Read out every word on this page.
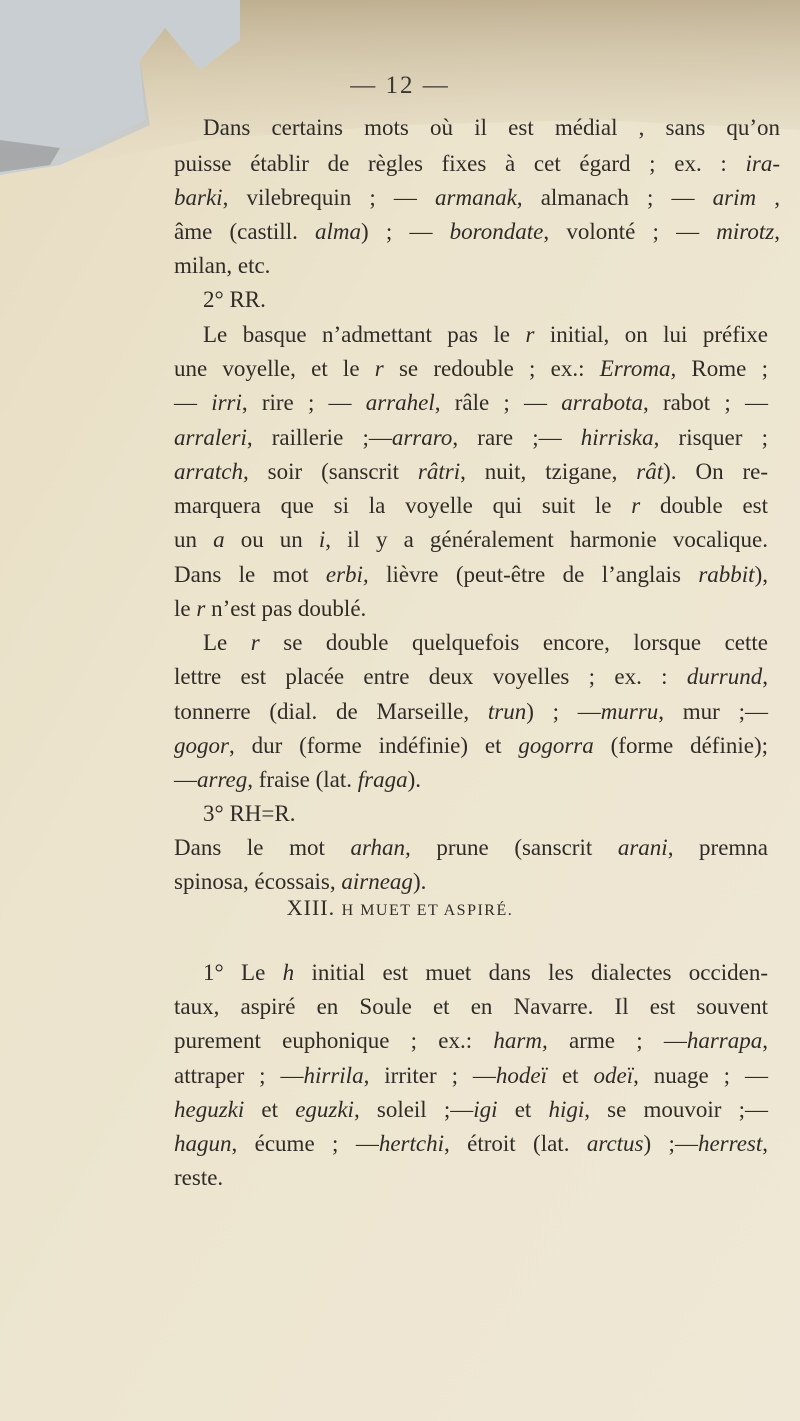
— 12 —
Dans certains mots où il est médial , sans qu’on
puisse établir de règles fixes à cet égard ; ex. : ira-
barki, vilebrequin ; — armanak, almanach ; — arim ,
âme (castill. alma) ; — borondate, volonté ; — mirotz,
milan, etc.
2° RR.
Le basque n’admettant pas le r initial, on lui préfixe
une voyelle, et le r se redouble ; ex.: Erroma, Rome ;
— irri, rire ; — arrahel, râle ; — arrabota, rabot ; —
arraleri, raillerie ;—arraro, rare ;— hirriska, risquer ;
arratch, soir (sanscrit râtri, nuit, tzigane, rât). On re-
marquera que si la voyelle qui suit le r double est
un a ou un i, il y a généralement harmonie vocalique.
Dans le mot erbi, lièvre (peut-être de l’anglais rabbit),
le r n’est pas doublé.
Le r se double quelquefois encore, lorsque cette
lettre est placée entre deux voyelles ; ex. : durrund,
tonnerre (dial. de Marseille, trun) ; —murru, mur ;—
gogor, dur (forme indéfinie) et gogorra (forme définie);
—arreg, fraise (lat. fraga).
3° RH=R.
Dans le mot arhan, prune (sanscrit arani, premna
spinosa, écossais, airneag).
1° Le h initial est muet dans les dialectes occiden-
taux, aspiré en Soule et en Navarre. Il est souvent
purement euphonique ; ex.: harm, arme ; —harrapa,
attraper ; —hirrila, irriter ; —hodeï et odeï, nuage ; —
heguzki et eguzki, soleil ;—igi et higi, se mouvoir ;—
hagun, écume ; —hertchi, étroit (lat. arctus) ;—herrest,
reste.
XIII. H MUET ET ASPIRÉ.
